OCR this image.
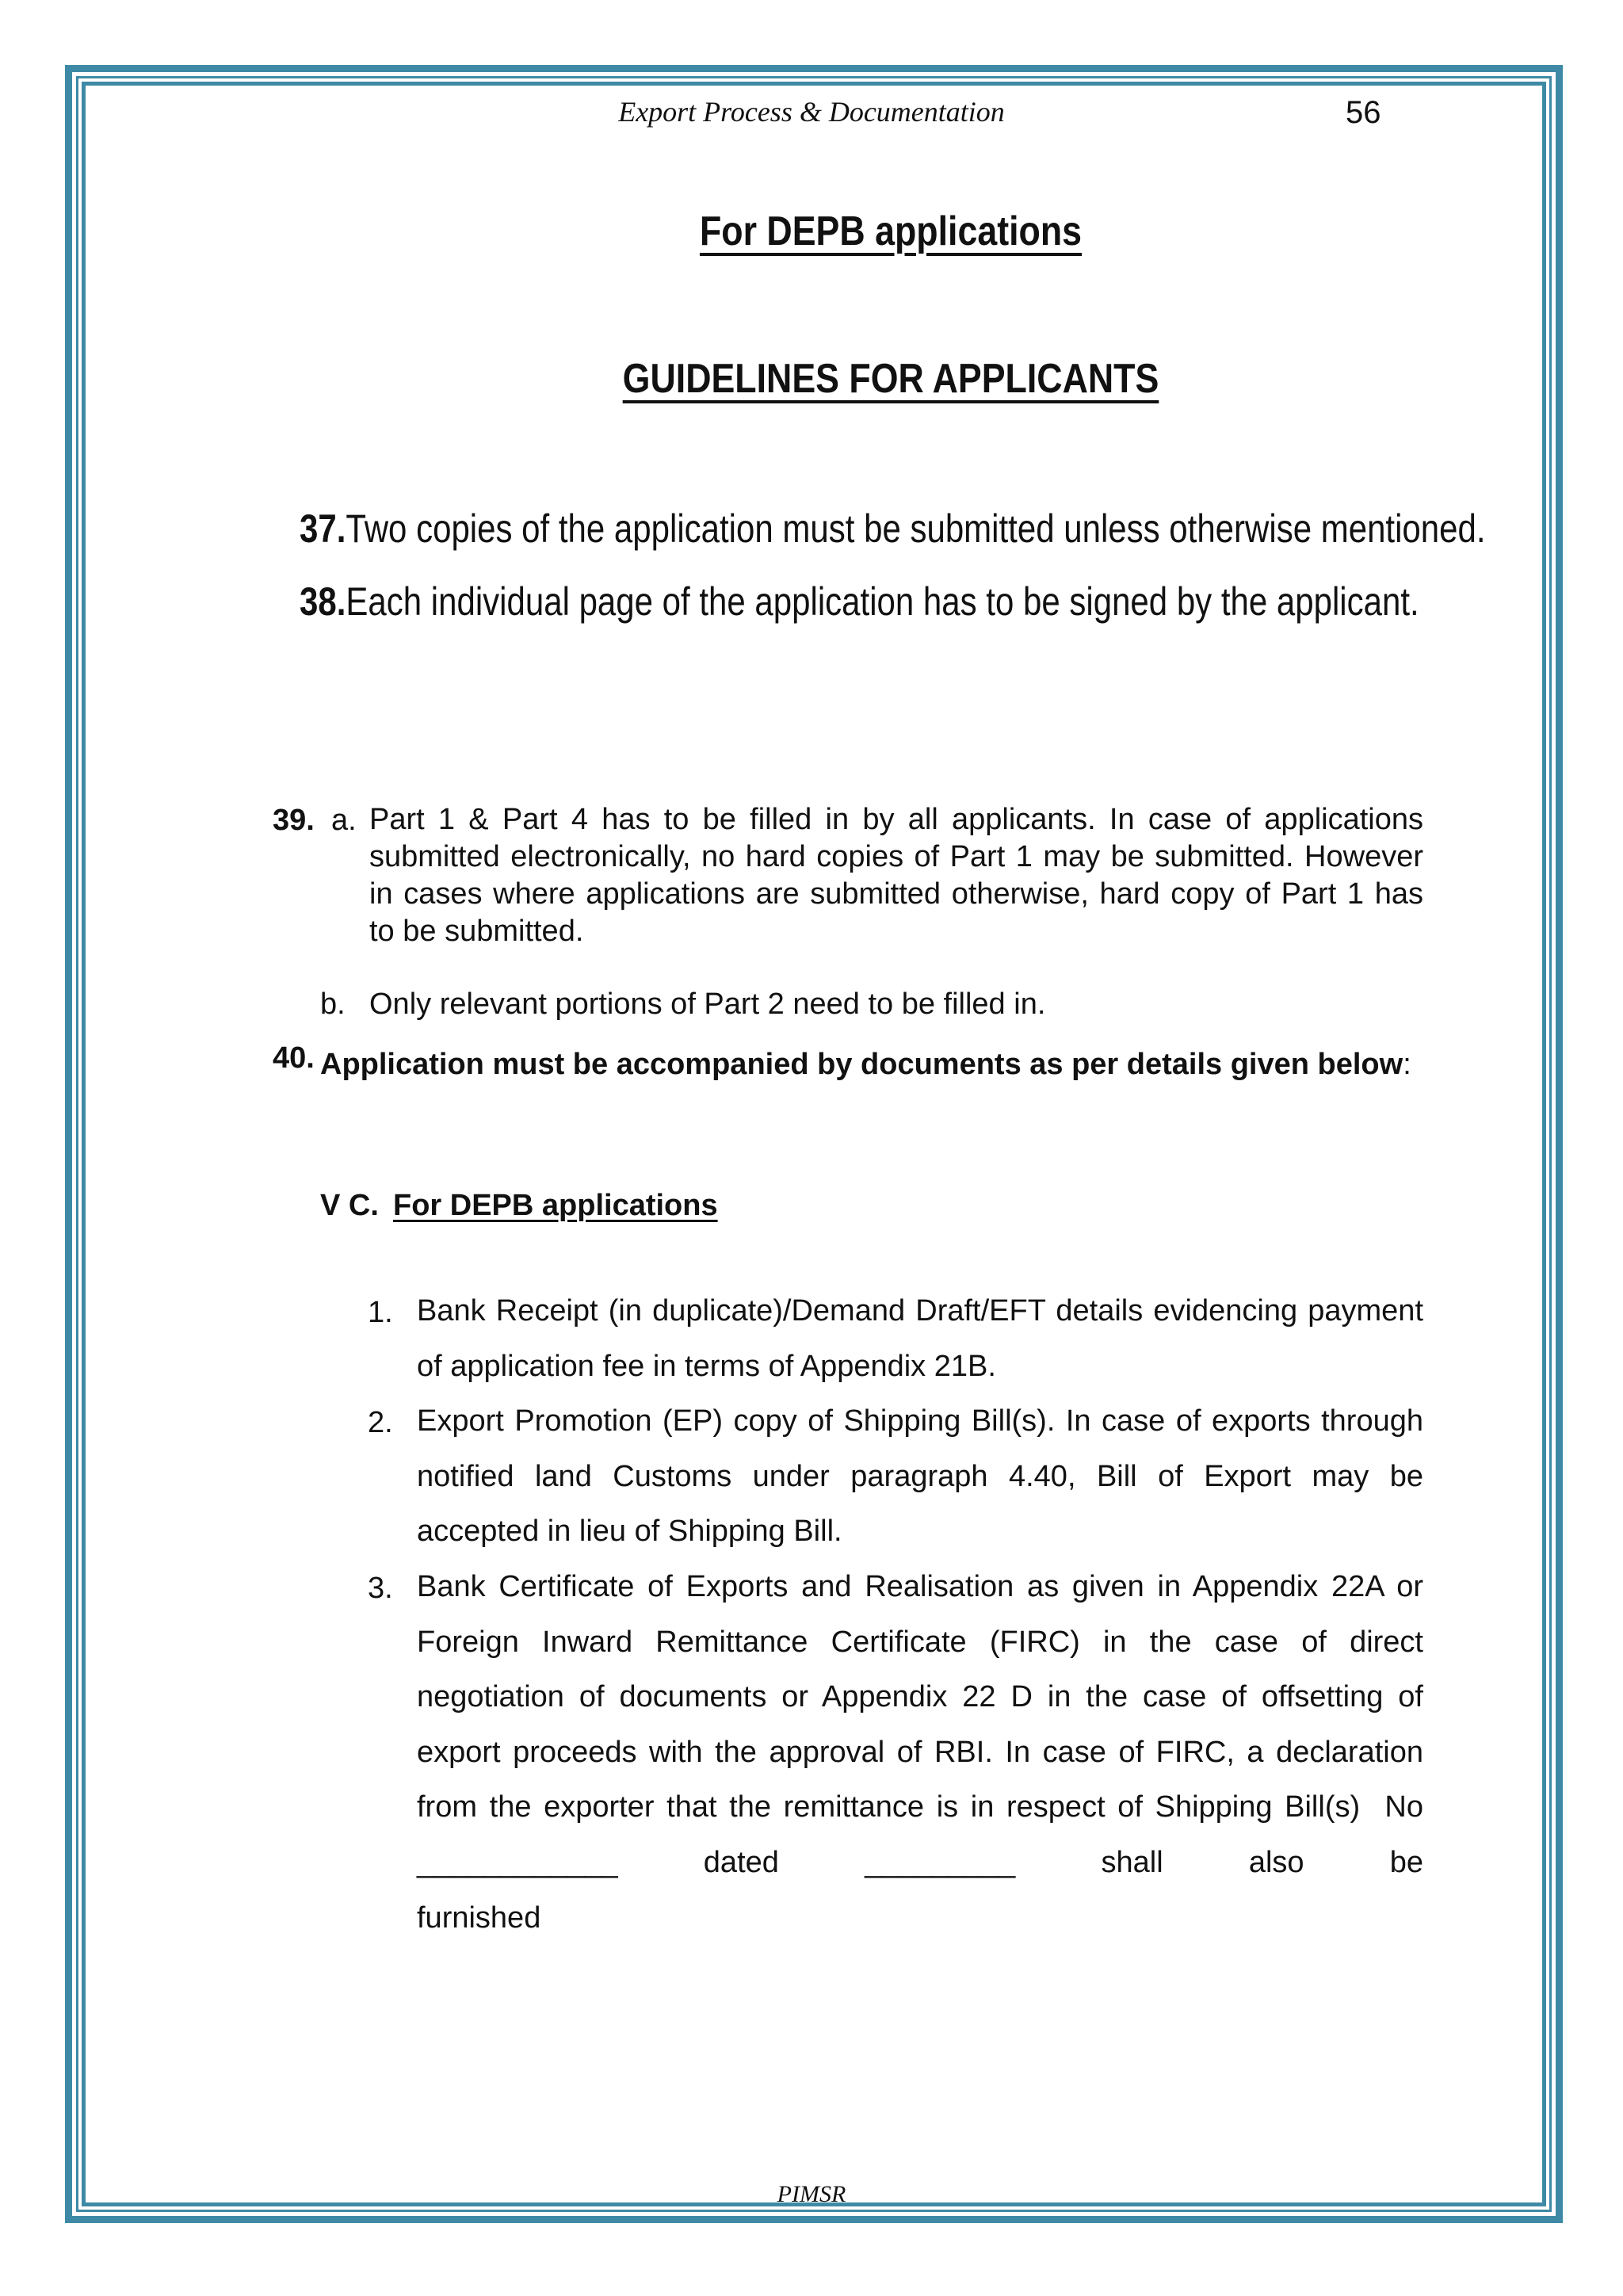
Export Process & Documentation	56
For DEPB applications
GUIDELINES FOR APPLICANTS
37.Two copies of the application must be submitted unless otherwise mentioned.
38.Each individual page of the application has to be signed by the applicant.
39. a. Part 1 & Part 4 has to be filled in by all applicants. In case of applications submitted electronically, no hard copies of Part 1 may be submitted. However in cases where applications are submitted otherwise, hard copy of Part 1 has to be submitted.
b. Only relevant portions of Part 2 need to be filled in.
40. Application must be accompanied by documents as per details given below:
V C. For DEPB applications
1. Bank Receipt (in duplicate)/Demand Draft/EFT details evidencing payment of application fee in terms of Appendix 21B.
2. Export Promotion (EP) copy of Shipping Bill(s). In case of exports through notified land Customs under paragraph 4.40, Bill of Export may be accepted in lieu of Shipping Bill.
3. Bank Certificate of Exports and Realisation as given in Appendix 22A or Foreign Inward Remittance Certificate (FIRC) in the case of direct negotiation of documents or Appendix 22 D in the case of offsetting of export proceeds with the approval of RBI. In case of FIRC, a declaration from the exporter that the remittance is in respect of Shipping Bill(s)  No ____________ dated _________ shall also be
furnished
PIMSR
